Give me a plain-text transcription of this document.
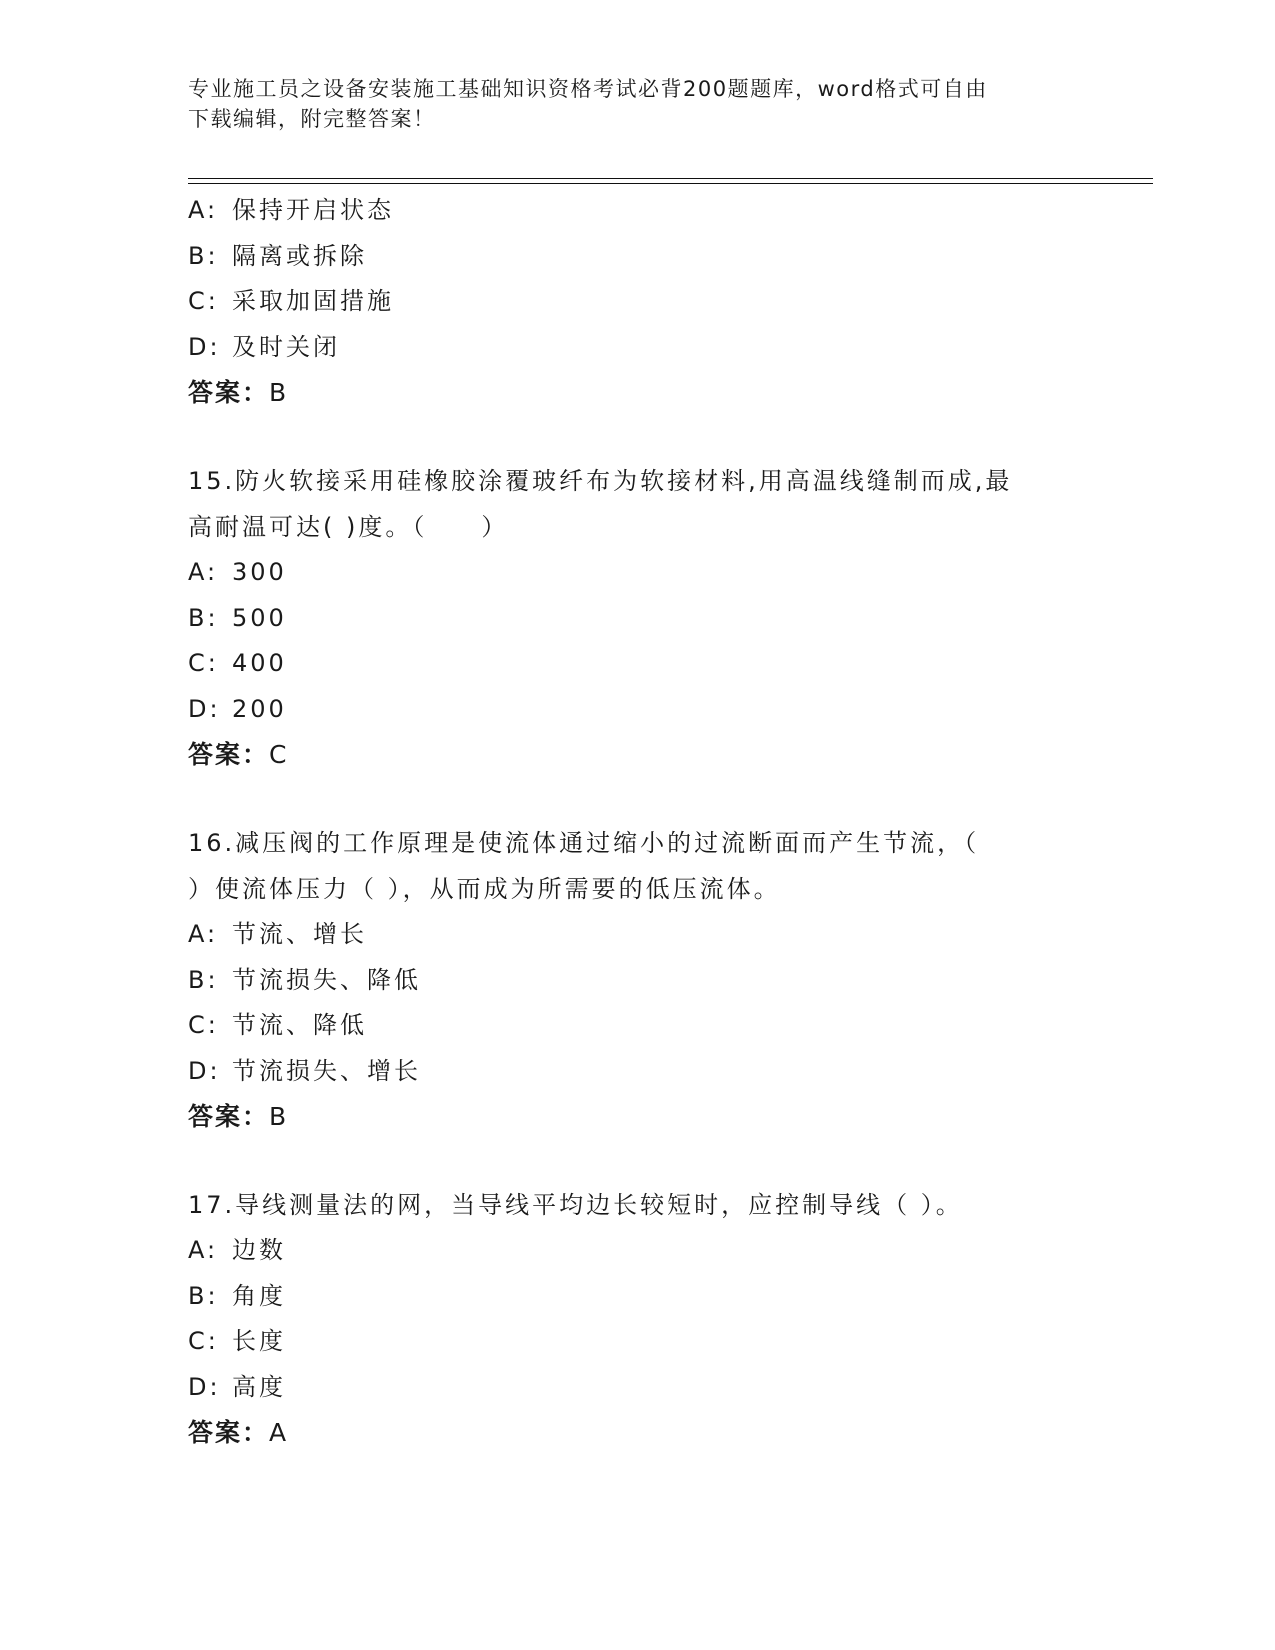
专业施工员之设备安装施工基础知识资格考试必背200题题库，word格式可自由
下载编辑，附完整答案！
A: 保持开启状态
B: 隔离或拆除
C: 采取加固措施
D: 及时关闭
答案：B
15.防火软接采用硅橡胶涂覆玻纤布为软接材料,用高温线缝制而成,最
高耐温可达( )度。（　　）
A: 300
B: 500
C: 400
D: 200
答案：C
16.减压阀的工作原理是使流体通过缩小的过流断面而产生节流，（
）使流体压力（ ），从而成为所需要的低压流体。
A: 节流、增长
B: 节流损失、降低
C: 节流、降低
D: 节流损失、增长
答案：B
17.导线测量法的网，当导线平均边长较短时，应控制导线（ ）。
A: 边数
B: 角度
C: 长度
D: 高度
答案：A
